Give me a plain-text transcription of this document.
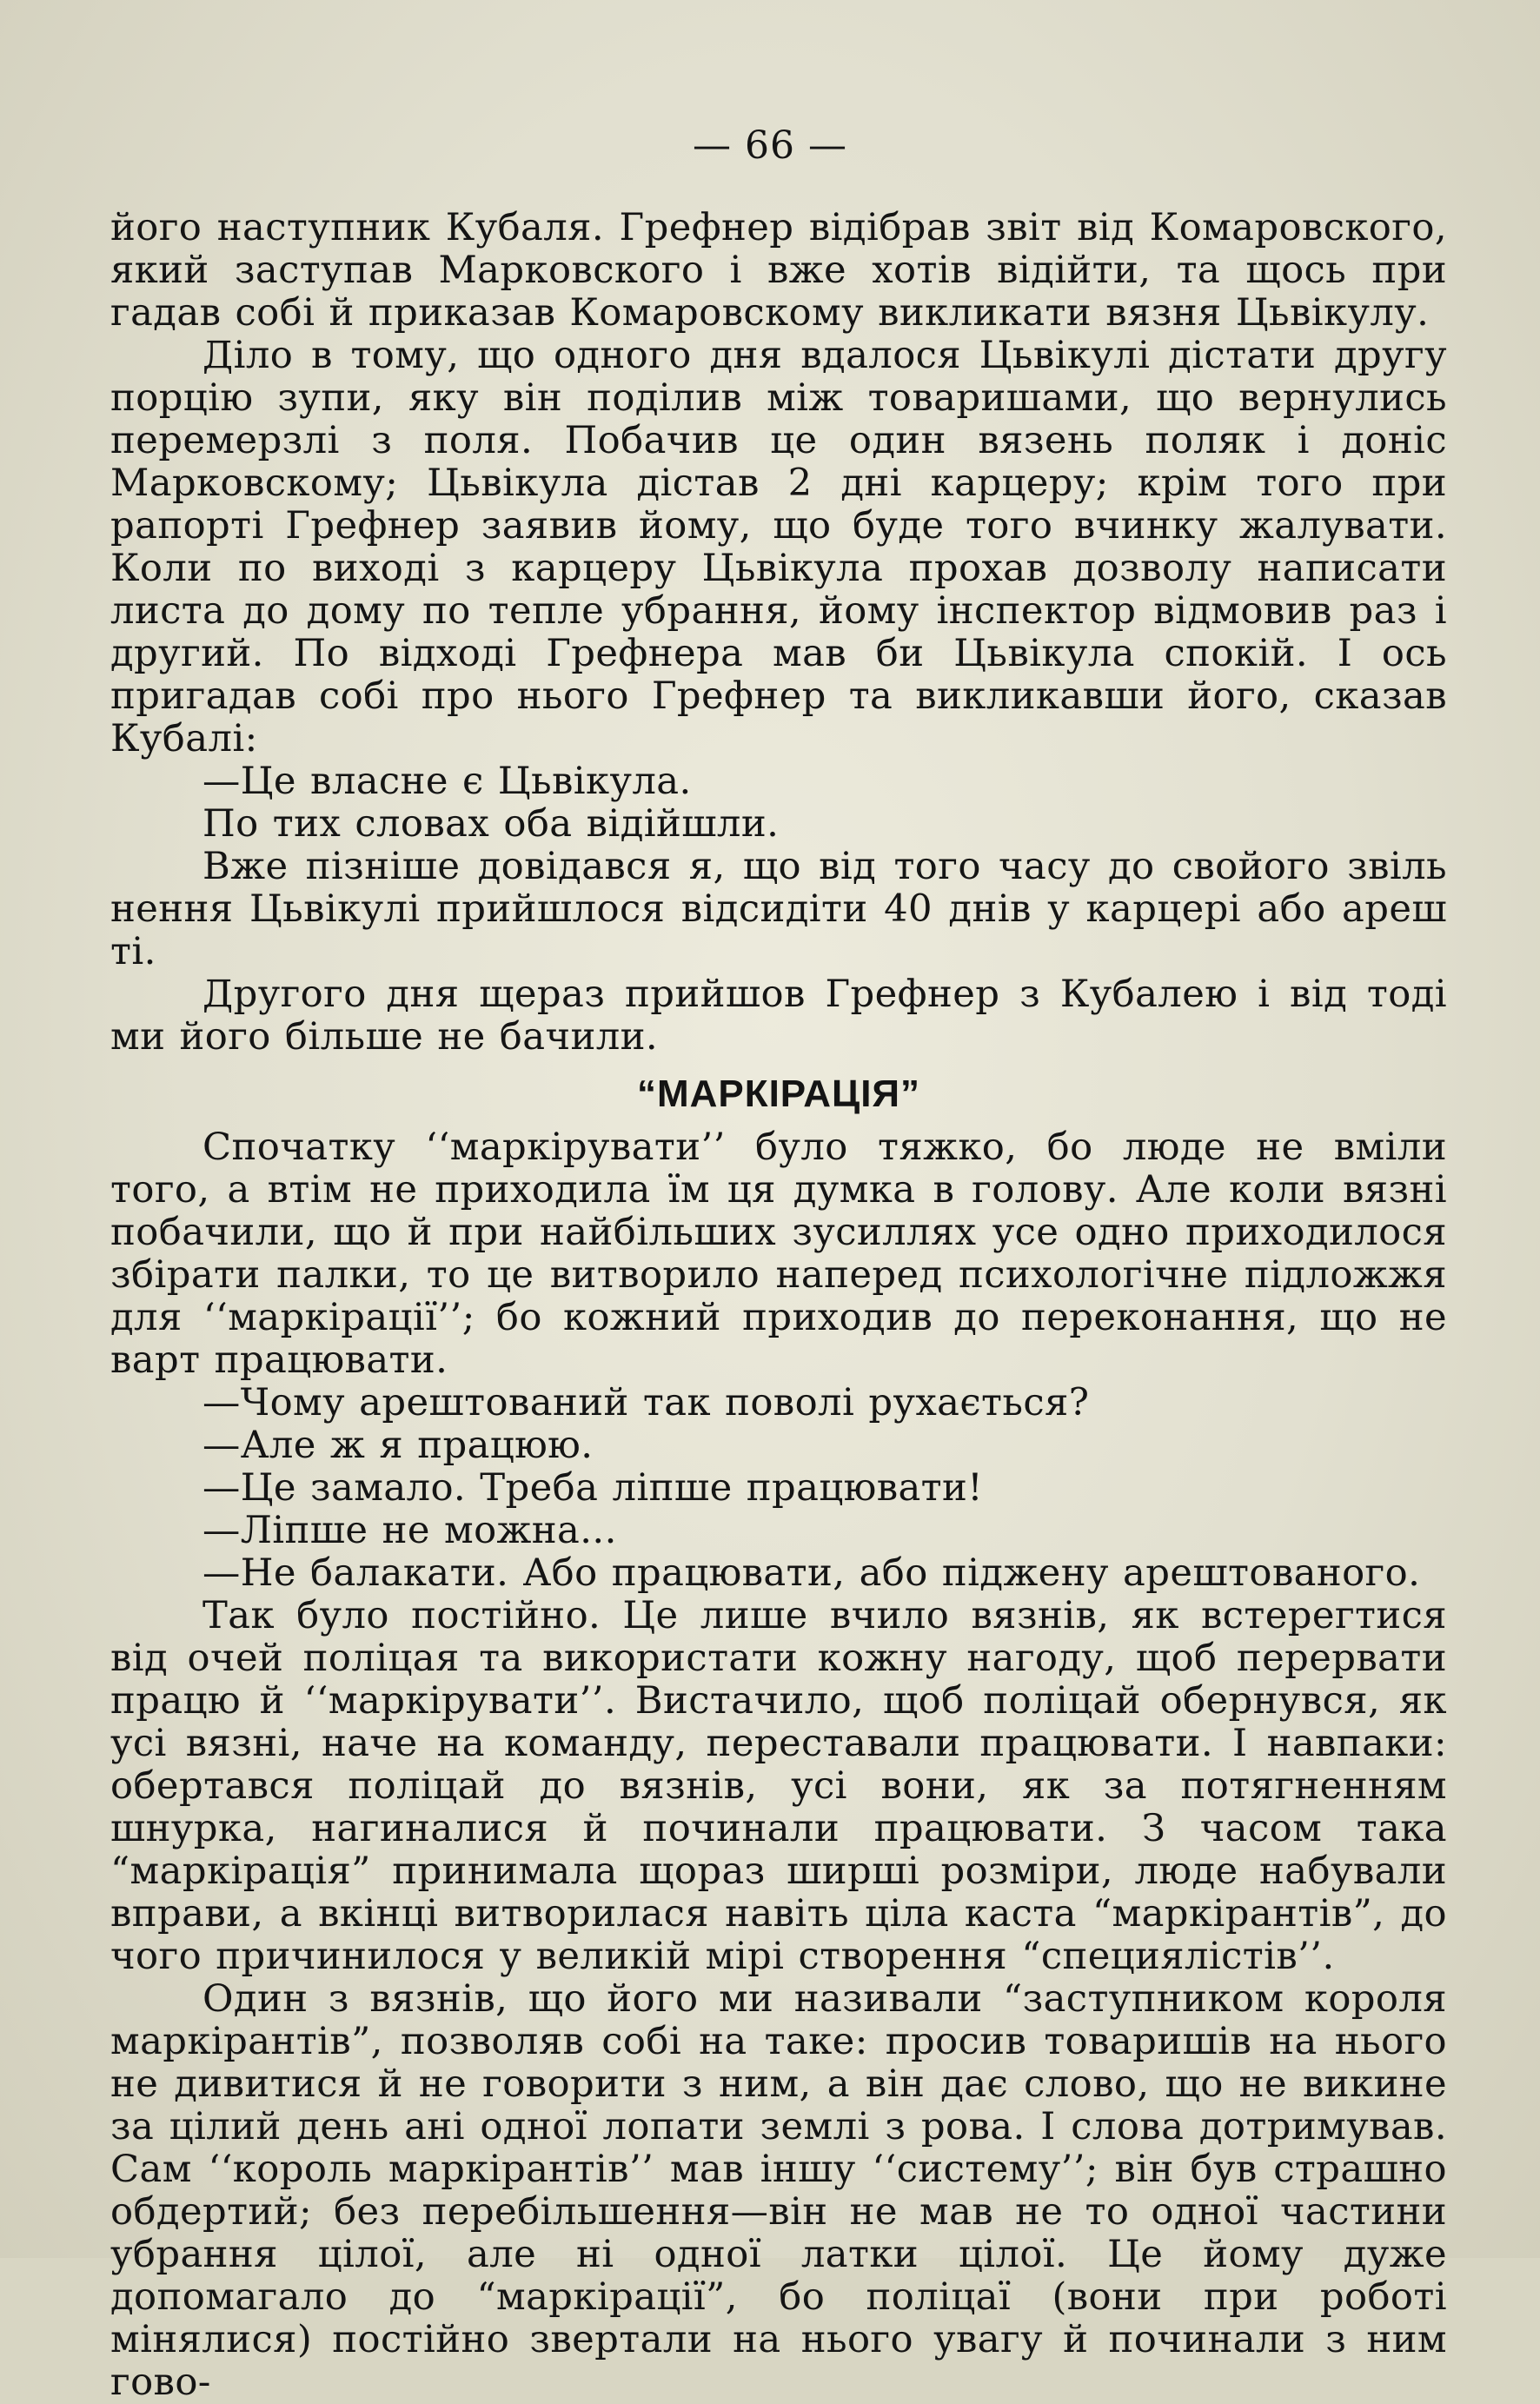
— 66 —

його наступник Кубаля. Грефнер відібрав звіт від Комаровского, який заступав Марковского і вже хотів відійти, та щось при гадав собі й приказав Комаровскому викликати вязня Цьвікулу.

Діло в тому, що одного дня вдалося Цьвікулі дістати другу порцію зупи, яку він поділив між товаришами, що вернулись перемерзлі з поля. Побачив це один вязень поляк і доніс Марковскому; Цьвікула дістав 2 дні карцеру; крім того при рапорті Грефнер заявив йому, що буде того вчинку жалувати. Коли по виході з карцеру Цьвікула прохав дозволу написати листа до дому по тепле убрання, йому інспектор відмовив раз і другий. По відході Грефнера мав би Цьвікула спокій. І ось пригадав собі про нього Грефнер та викликавши його, сказав Кубалі:

—Це власне є Цьвікула.

По тих словах оба відійшли.

Вже пізніше довідався я, що від того часу до свойого звіль нення Цьвікулі прийшлося відсидіти 40 днів у карцері або ареш ті.

Другого дня щераз прийшов Грефнер з Кубалею і від тоді ми його більше не бачили.

“МАРКІРАЦІЯ”

Спочатку ‘‘маркірувати’’ було тяжко, бо люде не вміли того, а втім не приходила їм ця думка в голову. Але коли вязні побачили, що й при найбільших зусиллях усе одно приходилося збірати палки, то це витворило наперед психологічне підложжя для ‘‘маркірації’’; бо кожний приходив до переконання, що не варт працювати.

—Чому арештований так поволі рухається?

—Але ж я працюю.

—Це замало. Треба ліпше працювати!

—Ліпше не можна...

—Не балакати. Або працювати, або піджену арештованого.

Так було постійно. Це лише вчило вязнів, як встерегтися від очей поліцая та використати кожну нагоду, щоб перервати працю й ‘‘маркірувати’’. Вистачило, щоб поліцай обернувся, як усі вязні, наче на команду, переставали працювати. І навпаки: обертався поліцай до вязнів, усі вони, як за потягненням шнурка, нагиналися й починали працювати. З часом така “маркірація” принимала щораз ширші розміри, люде набували вправи, а вкінці витворилася навіть ціла каста “маркірантів”, до чого причинилося у великій мірі створення “специялістів’’.

Один з вязнів, що його ми називали “заступником короля маркірантів”, позволяв собі на таке: просив товаришів на нього не дивитися й не говорити з ним, а він дає слово, що не викине за цілий день ані одної лопати землі з рова. І слова дотримував. Сам ‘‘король маркірантів’’ мав іншу ‘‘систему’’; він був страшно обдертий; без перебільшення—він не мав не то одної частини убрання цілої, але ні одної латки цілої. Це йому дуже допомагало до “маркірації”, бо поліцаї (вони при роботі мінялися) постійно звертали на нього увагу й починали з ним гово-
